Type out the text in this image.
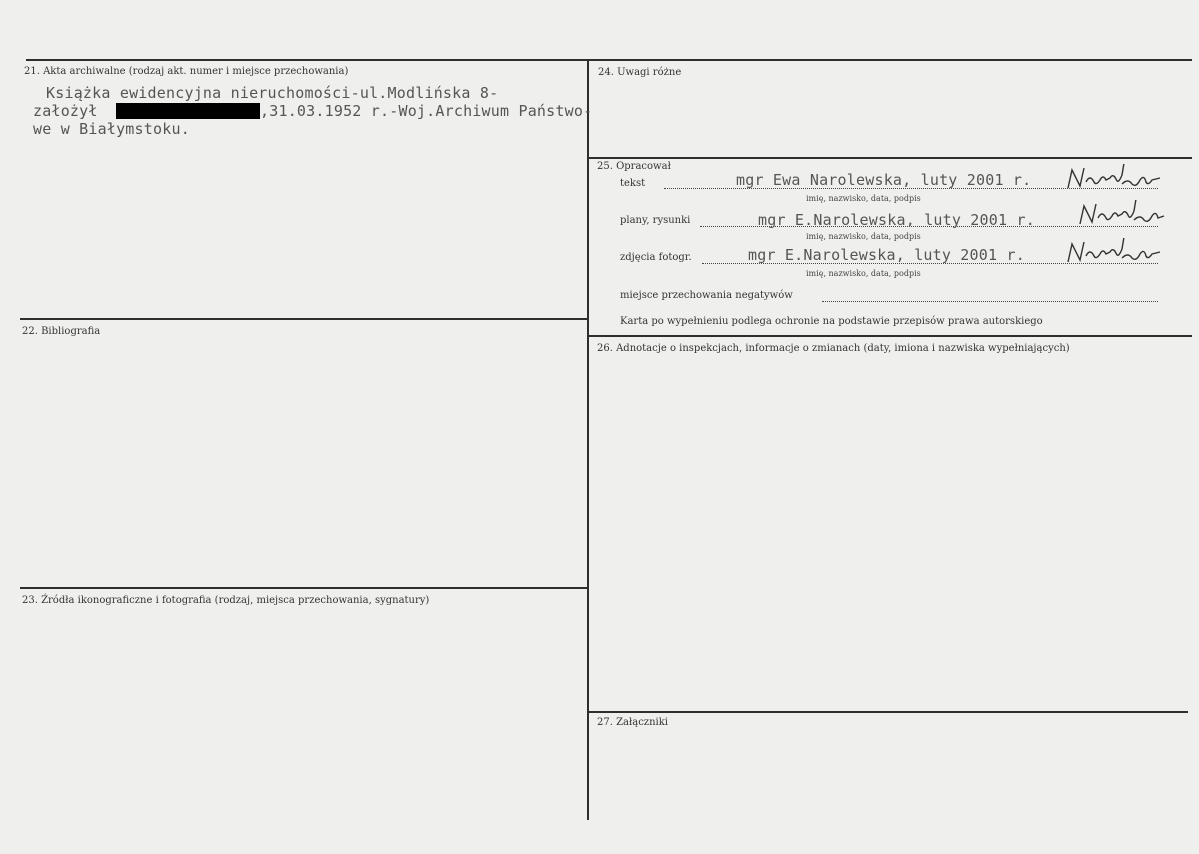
21. Akta archiwalne (rodzaj akt. numer i miejsce przechowania)
Książka ewidencyjna nieruchomości-ul.Modlińska 8-
założył	,31.03.1952 r.-Woj.Archiwum Państwo-
we w Białymstoku.
22. Bibliografia
23. Źródła ikonograficzne i fotografia (rodzaj, miejsca przechowania, sygnatury)
24. Uwagi różne
25. Opracował
tekst	mgr Ewa Narolewska, luty 2001 r.
imię, nazwisko, data, podpis
plany, rysunki	mgr E.Narolewska, luty 2001 r.
imię, nazwisko, data, podpis
zdjęcia fotogr.	mgr E.Narolewska, luty 2001 r.
imię, nazwisko, data, podpis
miejsce przechowania negatywów
Karta po wypełnieniu podlega ochronie na podstawie przepisów prawa autorskiego
26. Adnotacje o inspekcjach, informacje o zmianach (daty, imiona i nazwiska wypełniających)
27. Załączniki
